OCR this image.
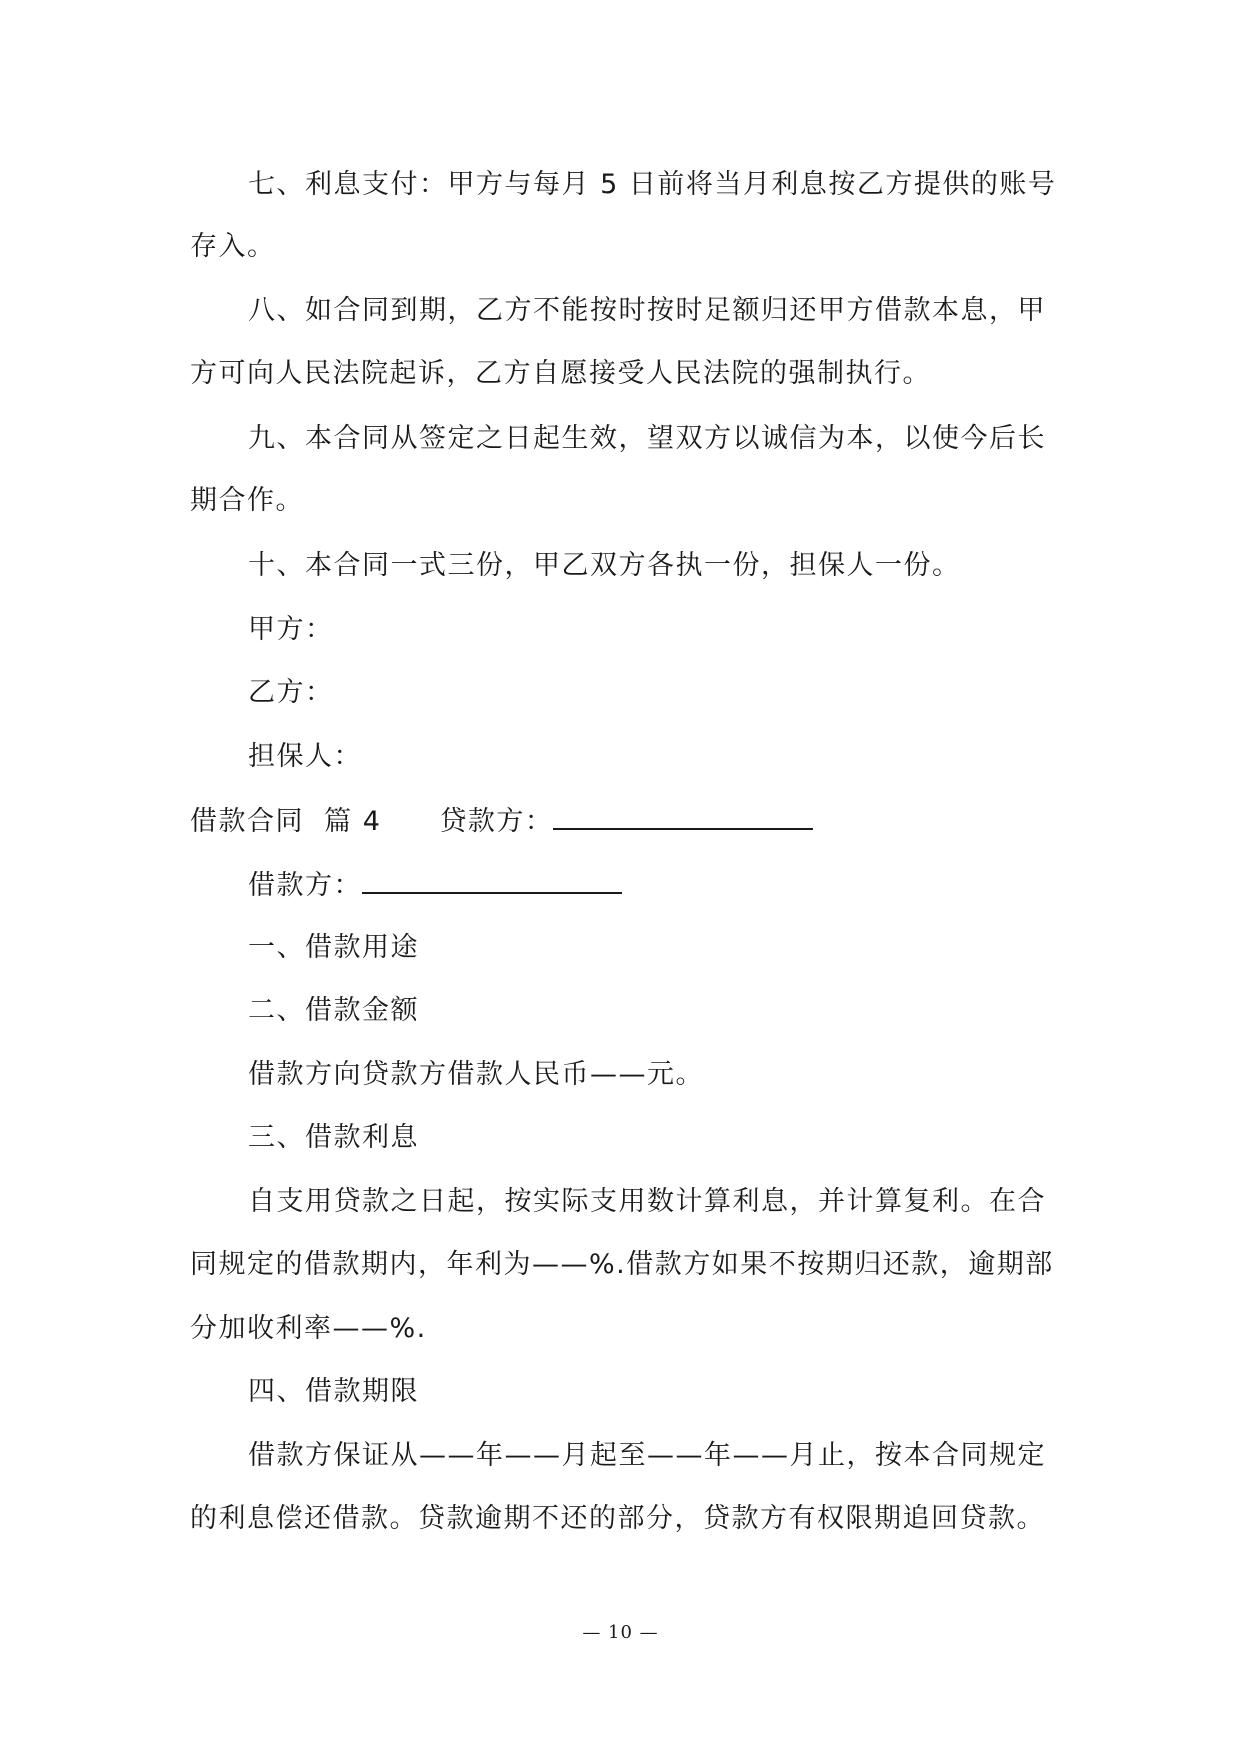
七、利息支付：甲方与每月 5 日前将当月利息按乙方提供的账号
存入。
八、如合同到期，乙方不能按时按时足额归还甲方借款本息，甲
方可向人民法院起诉，乙方自愿接受人民法院的强制执行。
九、本合同从签定之日起生效，望双方以诚信为本，以使今后长
期合作。
十、本合同一式三份，甲乙双方各执一份，担保人一份。
甲方：
乙方：
担保人：
借款合同  篇 4 贷款方：
借款方：
一、借款用途
二、借款金额
借款方向贷款方借款人民币——元。
三、借款利息
自支用贷款之日起，按实际支用数计算利息，并计算复利。在合
同规定的借款期内，年利为——%.借款方如果不按期归还款，逾期部
分加收利率——%.
四、借款期限
借款方保证从——年——月起至——年——月止，按本合同规定
的利息偿还借款。贷款逾期不还的部分，贷款方有权限期追回贷款。
— 10 —
